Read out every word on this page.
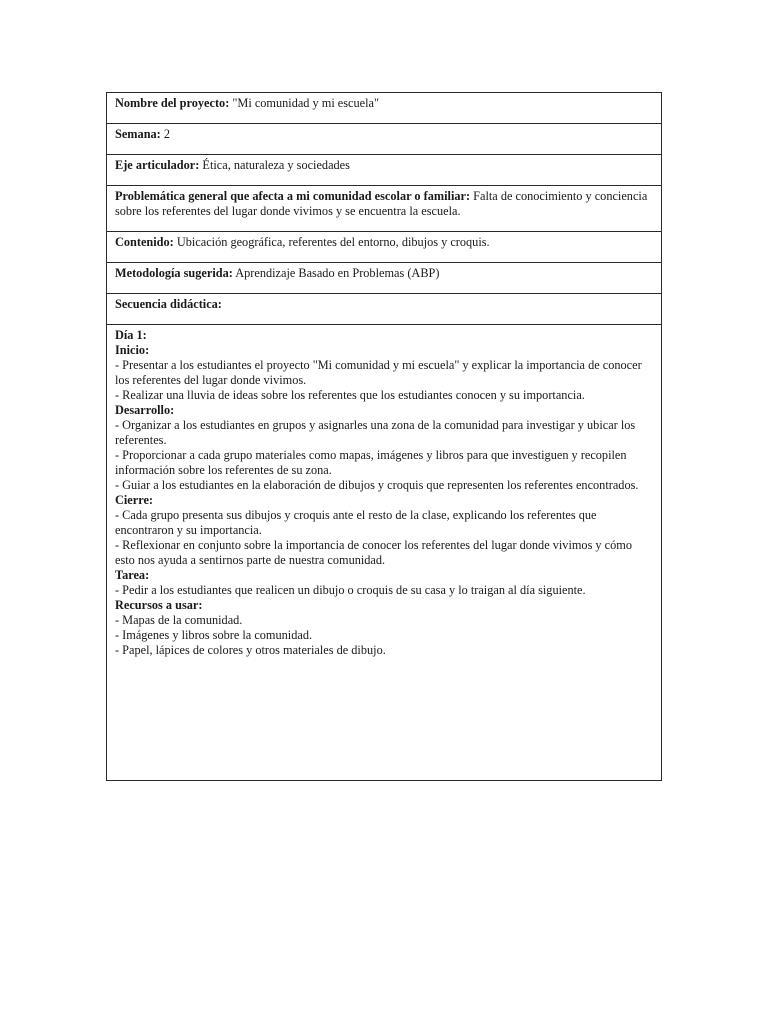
Nombre del proyecto: "Mi comunidad y mi escuela"
Semana: 2
Eje articulador: Ética, naturaleza y sociedades
Problemática general que afecta a mi comunidad escolar o familiar: Falta de conocimiento y conciencia sobre los referentes del lugar donde vivimos y se encuentra la escuela.
Contenido: Ubicación geográfica, referentes del entorno, dibujos y croquis.
Metodología sugerida: Aprendizaje Basado en Problemas (ABP)
Secuencia didáctica:

Día 1:
Inicio:
- Presentar a los estudiantes el proyecto "Mi comunidad y mi escuela" y explicar la importancia de conocer los referentes del lugar donde vivimos.
- Realizar una lluvia de ideas sobre los referentes que los estudiantes conocen y su importancia.
Desarrollo:
- Organizar a los estudiantes en grupos y asignarles una zona de la comunidad para investigar y ubicar los referentes.
- Proporcionar a cada grupo materiales como mapas, imágenes y libros para que investiguen y recopilen información sobre los referentes de su zona.
- Guiar a los estudiantes en la elaboración de dibujos y croquis que representen los referentes encontrados.
Cierre:
- Cada grupo presenta sus dibujos y croquis ante el resto de la clase, explicando los referentes que encontraron y su importancia.
- Reflexionar en conjunto sobre la importancia de conocer los referentes del lugar donde vivimos y cómo esto nos ayuda a sentirnos parte de nuestra comunidad.
Tarea:
- Pedir a los estudiantes que realicen un dibujo o croquis de su casa y lo traigan al día siguiente.
Recursos a usar:
- Mapas de la comunidad.
- Imágenes y libros sobre la comunidad.
- Papel, lápices de colores y otros materiales de dibujo.
